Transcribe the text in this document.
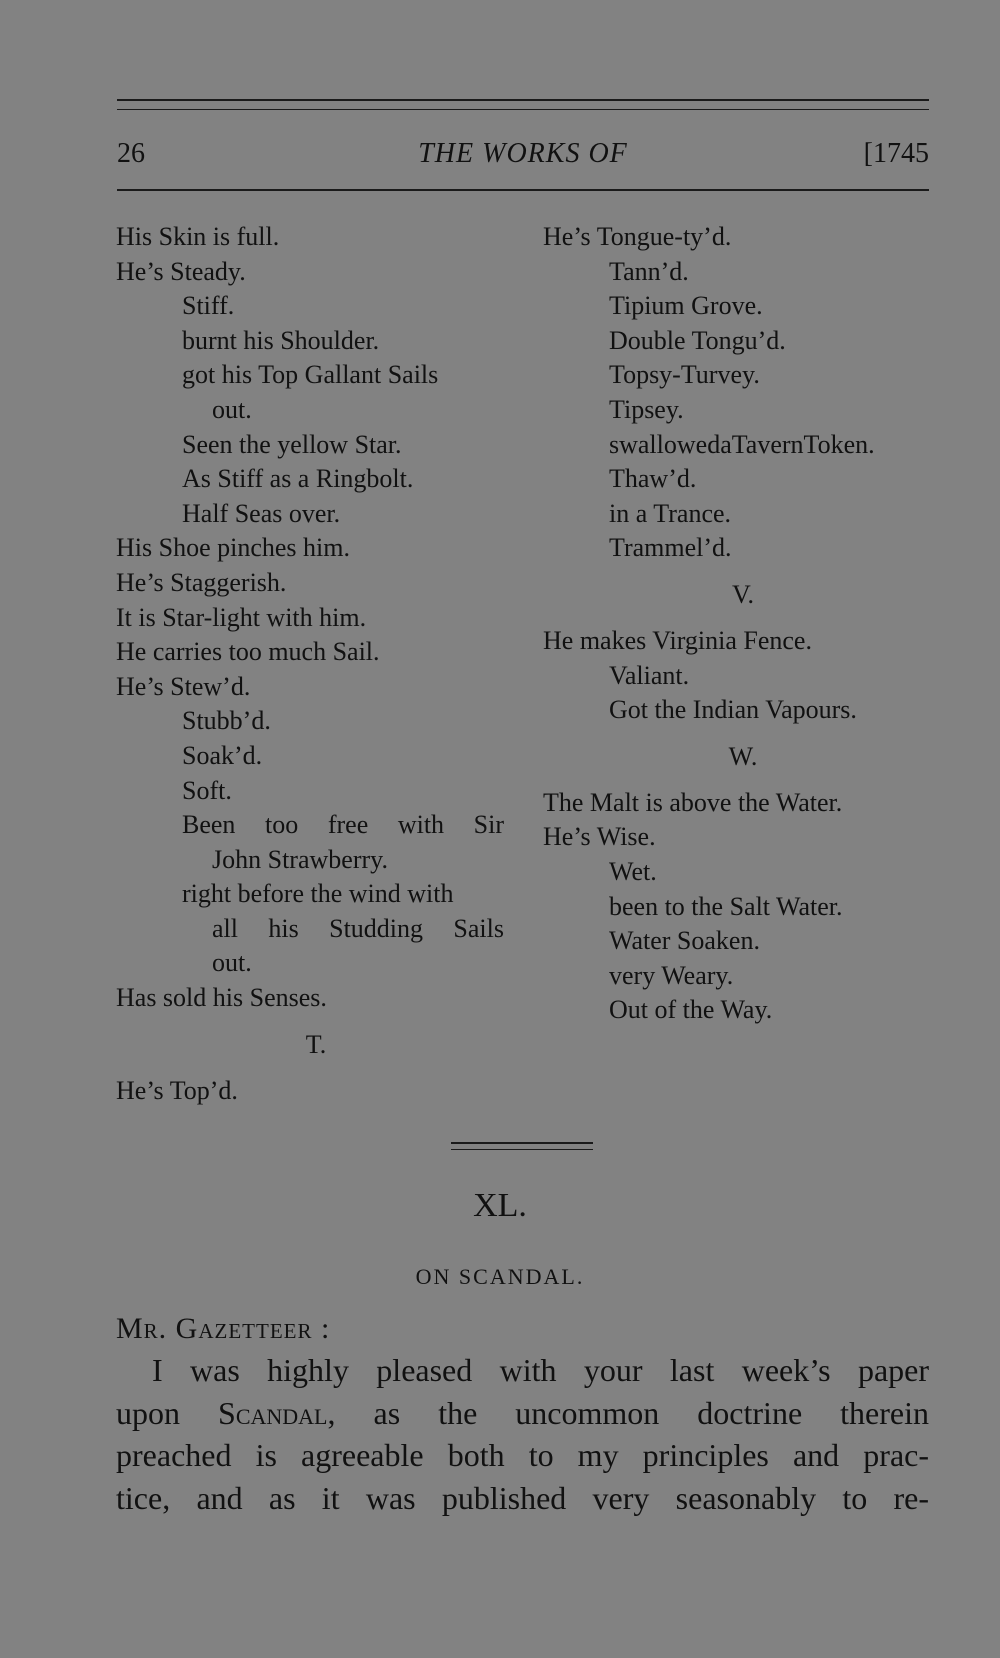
26	THE WORKS OF	[1745
His Skin is full.
He’s Steady.
Stiff.
burnt his Shoulder.
got his Top Gallant Sails
out.
Seen the yellow Star.
As Stiff as a Ringbolt.
Half Seas over.
His Shoe pinches him.
He’s Staggerish.
It is Star-light with him.
He carries too much Sail.
He’s Stew’d.
Stubb’d.
Soak’d.
Soft.
Been too free with Sir
John Strawberry.
right before the wind with
all his Studding Sails
out.
Has sold his Senses.
T.
He’s Top’d.
He’s Tongue-ty’d.
Tann’d.
Tipium Grove.
Double Tongu’d.
Topsy-Turvey.
Tipsey.
swallowedaTavernToken.
Thaw’d.
in a Trance.
Trammel’d.
V.
He makes Virginia Fence.
Valiant.
Got the Indian Vapours.
W.
The Malt is above the Water.
He’s Wise.
Wet.
been to the Salt Water.
Water Soaken.
very Weary.
Out of the Way.
XL.
ON SCANDAL.
Mr. Gazetteer :
I was highly pleased with your last week’s paper
upon Scandal, as the uncommon doctrine therein
preached is agreeable both to my principles and prac-
tice, and as it was published very seasonably to re-
